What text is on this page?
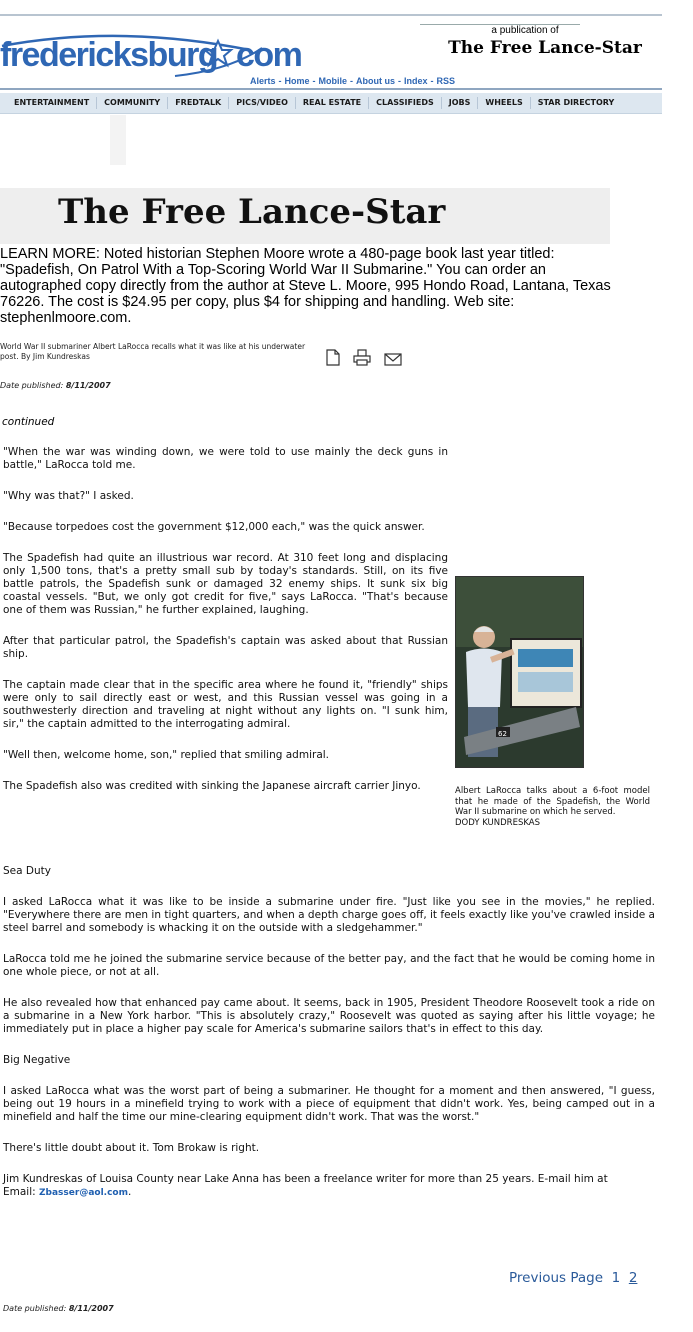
fredericksburg com
a publication of
The Free Lance-Star
Alerts - Home - Mobile - About us - Index - RSS
ENTERTAINMENT	COMMUNITY	FREDTALK	PICS/VIDEO	REAL ESTATE	CLASSIFIEDS	JOBS	WHEELS	STAR DIRECTORY
The Free Lance-Star
LEARN MORE: Noted historian Stephen Moore wrote a 480-page book last year titled: "Spadefish, On Patrol With a Top-Scoring World War II Submarine." You can order an autographed copy directly from the author at Steve L. Moore, 995 Hondo Road, Lantana, Texas 76226. The cost is $24.95 per copy, plus $4 for shipping and handling. Web site: stephenlmoore.com.
World War II submariner Albert LaRocca recalls what it was like at his underwater post. By Jim Kundreskas
Date published: 8/11/2007
continued

"When the war was winding down, we were told to use mainly the deck guns in battle," LaRocca told me.

"Why was that?" I asked.

"Because torpedoes cost the government $12,000 each," was the quick answer.

The Spadefish had quite an illustrious war record. At 310 feet long and displacing only 1,500 tons, that's a pretty small sub by today's standards. Still, on its five battle patrols, the Spadefish sunk or damaged 32 enemy ships. It sunk six big coastal vessels. "But, we only got credit for five," says LaRocca. "That's because one of them was Russian," he further explained, laughing.

After that particular patrol, the Spadefish's captain was asked about that Russian ship.

The captain made clear that in the specific area where he found it, "friendly" ships were only to sail directly east or west, and this Russian vessel was going in a southwesterly direction and traveling at night without any lights on. "I sunk him, sir," the captain admitted to the interrogating admiral.

"Well then, welcome home, son," replied that smiling admiral.

The Spadefish also was credited with sinking the Japanese aircraft carrier Jinyo.

62
Albert LaRocca talks about a 6-foot model that he made of the Spadefish, the World War II submarine on which he served.
DODY KUNDRESKAS

Sea Duty

I asked LaRocca what it was like to be inside a submarine under fire. "Just like you see in the movies," he replied. "Everywhere there are men in tight quarters, and when a depth charge goes off, it feels exactly like you've crawled inside a steel barrel and somebody is whacking it on the outside with a sledgehammer."

LaRocca told me he joined the submarine service because of the better pay, and the fact that he would be coming home in one whole piece, or not at all.

He also revealed how that enhanced pay came about. It seems, back in 1905, President Theodore Roosevelt took a ride on a submarine in a New York harbor. "This is absolutely crazy," Roosevelt was quoted as saying after his little voyage; he immediately put in place a higher pay scale for America's submarine sailors that's in effect to this day.

Big Negative

I asked LaRocca what was the worst part of being a submariner. He thought for a moment and then answered, "I guess, being out 19 hours in a minefield trying to work with a piece of equipment that didn't work. Yes, being camped out in a minefield and half the time our mine-clearing equipment didn't work. That was the worst."

There's little doubt about it. Tom Brokaw is right.

Jim Kundreskas of Louisa County near Lake Anna has been a freelance writer for more than 25 years. E-mail him at
Email: Zbasser@aol.com.
Previous Page 1 2
Date published: 8/11/2007
